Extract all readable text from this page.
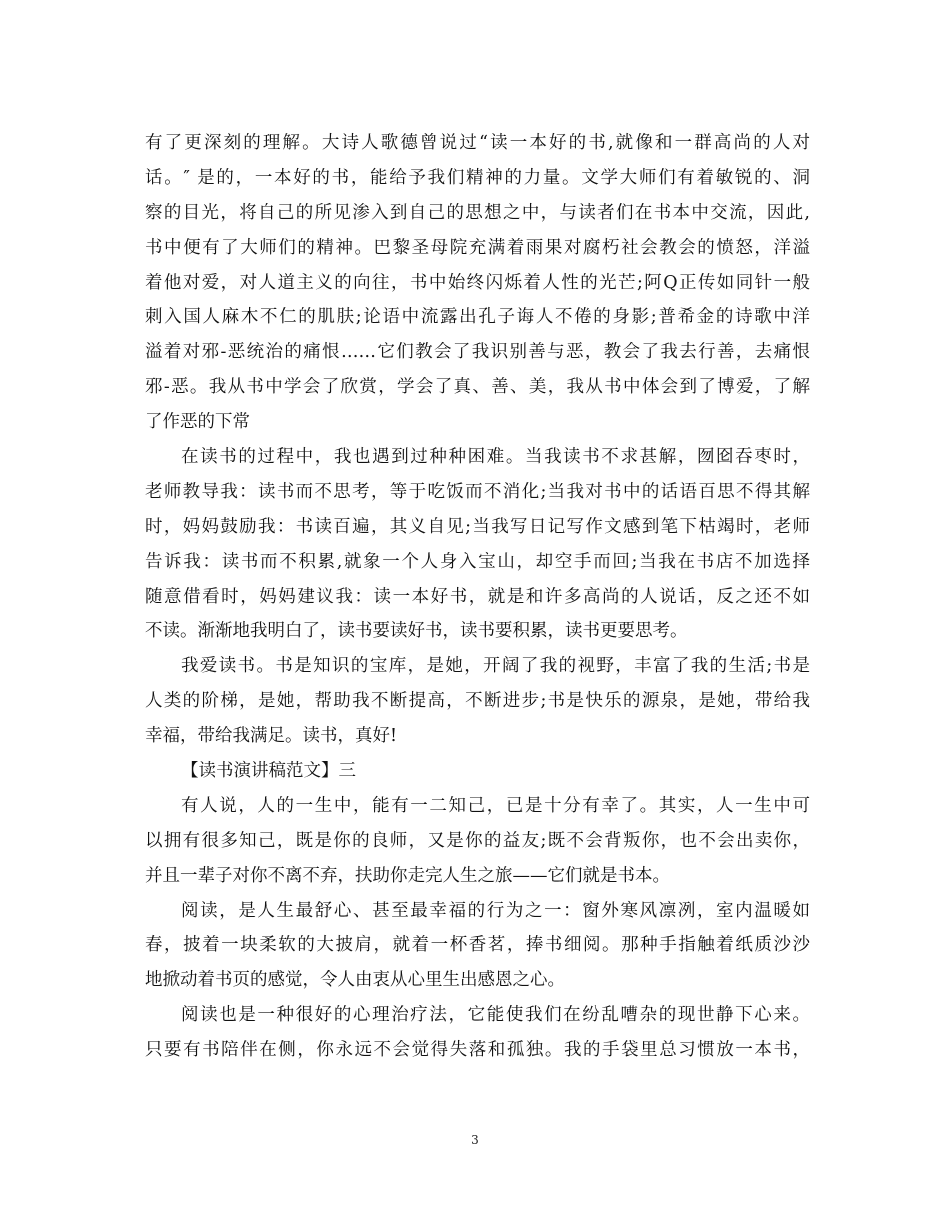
有了更深刻的理解。大诗人歌德曾说过“读一本好的书,就像和一群高尚的人对
话。″ 是的，一本好的书，能给予我们精神的力量。文学大师们有着敏锐的、洞
察的目光，将自己的所见渗入到自己的思想之中，与读者们在书本中交流，因此,
书中便有了大师们的精神。巴黎圣母院充满着雨果对腐朽社会教会的愤怒，洋溢
着他对爱，对人道主义的向往，书中始终闪烁着人性的光芒;阿Q正传如同针一般
刺入国人麻木不仁的肌肤;论语中流露出孔子诲人不倦的身影;普希金的诗歌中洋
溢着对邪-恶统治的痛恨……它们教会了我识别善与恶，教会了我去行善，去痛恨
邪-恶。我从书中学会了欣赏，学会了真、善、美，我从书中体会到了博爱，了解
了作恶的下常
在读书的过程中，我也遇到过种种困难。当我读书不求甚解，囫囵吞枣时，
老师教导我：读书而不思考，等于吃饭而不消化;当我对书中的话语百思不得其解
时，妈妈鼓励我：书读百遍，其义自见;当我写日记写作文感到笔下枯竭时，老师
告诉我：读书而不积累,就象一个人身入宝山，却空手而回;当我在书店不加选择
随意借看时，妈妈建议我：读一本好书，就是和许多高尚的人说话，反之还不如
不读。渐渐地我明白了，读书要读好书，读书要积累，读书更要思考。
我爱读书。书是知识的宝库，是她，开阔了我的视野，丰富了我的生活;书是
人类的阶梯，是她，帮助我不断提高，不断进步;书是快乐的源泉，是她，带给我
幸福，带给我满足。读书，真好!
【读书演讲稿范文】三
有人说，人的一生中，能有一二知己，已是十分有幸了。其实，人一生中可
以拥有很多知己，既是你的良师，又是你的益友;既不会背叛你，也不会出卖你，
并且一辈子对你不离不弃，扶助你走完人生之旅——它们就是书本。
阅读，是人生最舒心、甚至最幸福的行为之一：窗外寒风凛冽，室内温暖如
春，披着一块柔软的大披肩，就着一杯香茗，捧书细阅。那种手指触着纸质沙沙
地掀动着书页的感觉，令人由衷从心里生出感恩之心。
阅读也是一种很好的心理治疗法，它能使我们在纷乱嘈杂的现世静下心来。
只要有书陪伴在侧，你永远不会觉得失落和孤独。我的手袋里总习惯放一本书，
3
